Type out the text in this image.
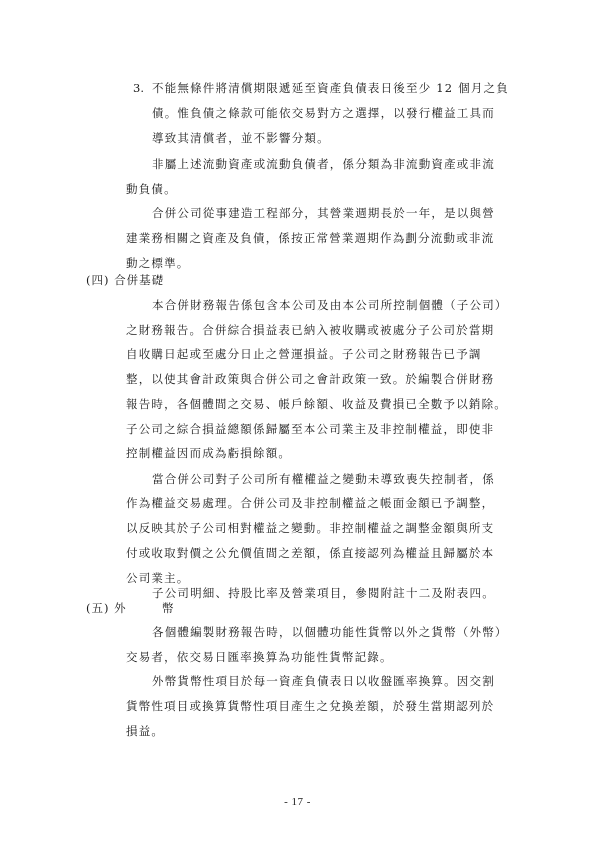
3. 不能無條件將清償期限遞延至資產負債表日後至少 12 個月之負
債。惟負債之條款可能依交易對方之選擇，以發行權益工具而
導致其清償者，並不影響分類。
非屬上述流動資產或流動負債者，係分類為非流動資產或非流
動負債。
合併公司從事建造工程部分，其營業週期長於一年，是以與營
建業務相關之資產及負債，係按正常營業週期作為劃分流動或非流
動之標準。
(四) 合併基礎
本合併財務報告係包含本公司及由本公司所控制個體（子公司）
之財務報告。合併綜合損益表已納入被收購或被處分子公司於當期
自收購日起或至處分日止之營運損益。子公司之財務報告已予調
整，以使其會計政策與合併公司之會計政策一致。於編製合併財務
報告時，各個體間之交易、帳戶餘額、收益及費損已全數予以銷除。
子公司之綜合損益總額係歸屬至本公司業主及非控制權益，即使非
控制權益因而成為虧損餘額。
當合併公司對子公司所有權權益之變動未導致喪失控制者，係
作為權益交易處理。合併公司及非控制權益之帳面金額已予調整，
以反映其於子公司相對權益之變動。非控制權益之調整金額與所支
付或收取對價之公允價值間之差額，係直接認列為權益且歸屬於本
公司業主。
子公司明細、持股比率及營業項目，參閱附註十二及附表四。
(五) 外	幣
各個體編製財務報告時，以個體功能性貨幣以外之貨幣（外幣）
交易者，依交易日匯率換算為功能性貨幣記錄。
外幣貨幣性項目於每一資產負債表日以收盤匯率換算。因交割
貨幣性項目或換算貨幣性項目產生之兌換差額，於發生當期認列於
損益。
- 17 -
